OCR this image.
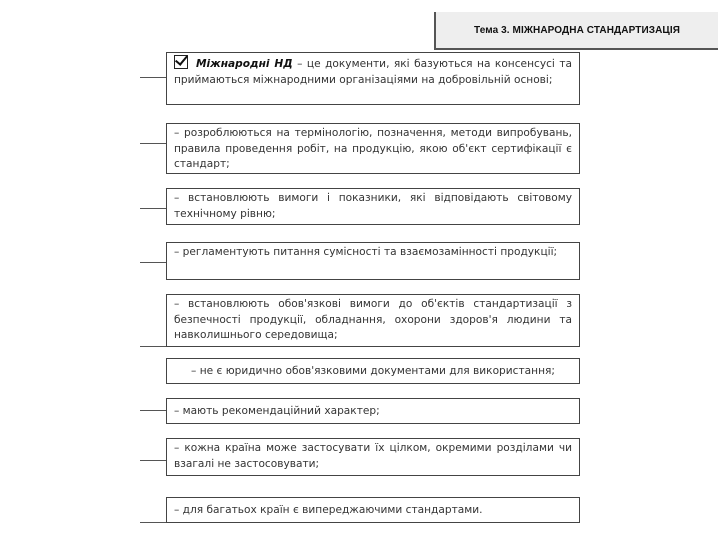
Тема 3. МІЖНАРОДНА СТАНДАРТИЗАЦІЯ
Міжнародні НД – це документи, які базуються на консенсусі та приймаються міжнародними організаціями на добровільній основі;
– розроблюються на термінологію, позначення, методи випробувань, правила проведення робіт, на продукцію, якою об'єкт сертифікації є стандарт;
– встановлюють вимоги і показники, які відповідають світовому технічному рівню;
– регламентують питання сумісності та взаємозамінності продукції;
– встановлюють обов'язкові вимоги до об'єктів стандартизації з безпечності продукції, обладнання, охорони здоров'я людини та навколишнього середовища;
– не є юридично обов'язковими документами для використання;
– мають рекомендаційний характер;
– кожна країна може застосувати їх цілком, окремими розділами чи взагалі не застосовувати;
– для багатьох країн є випереджаючими стандартами.
